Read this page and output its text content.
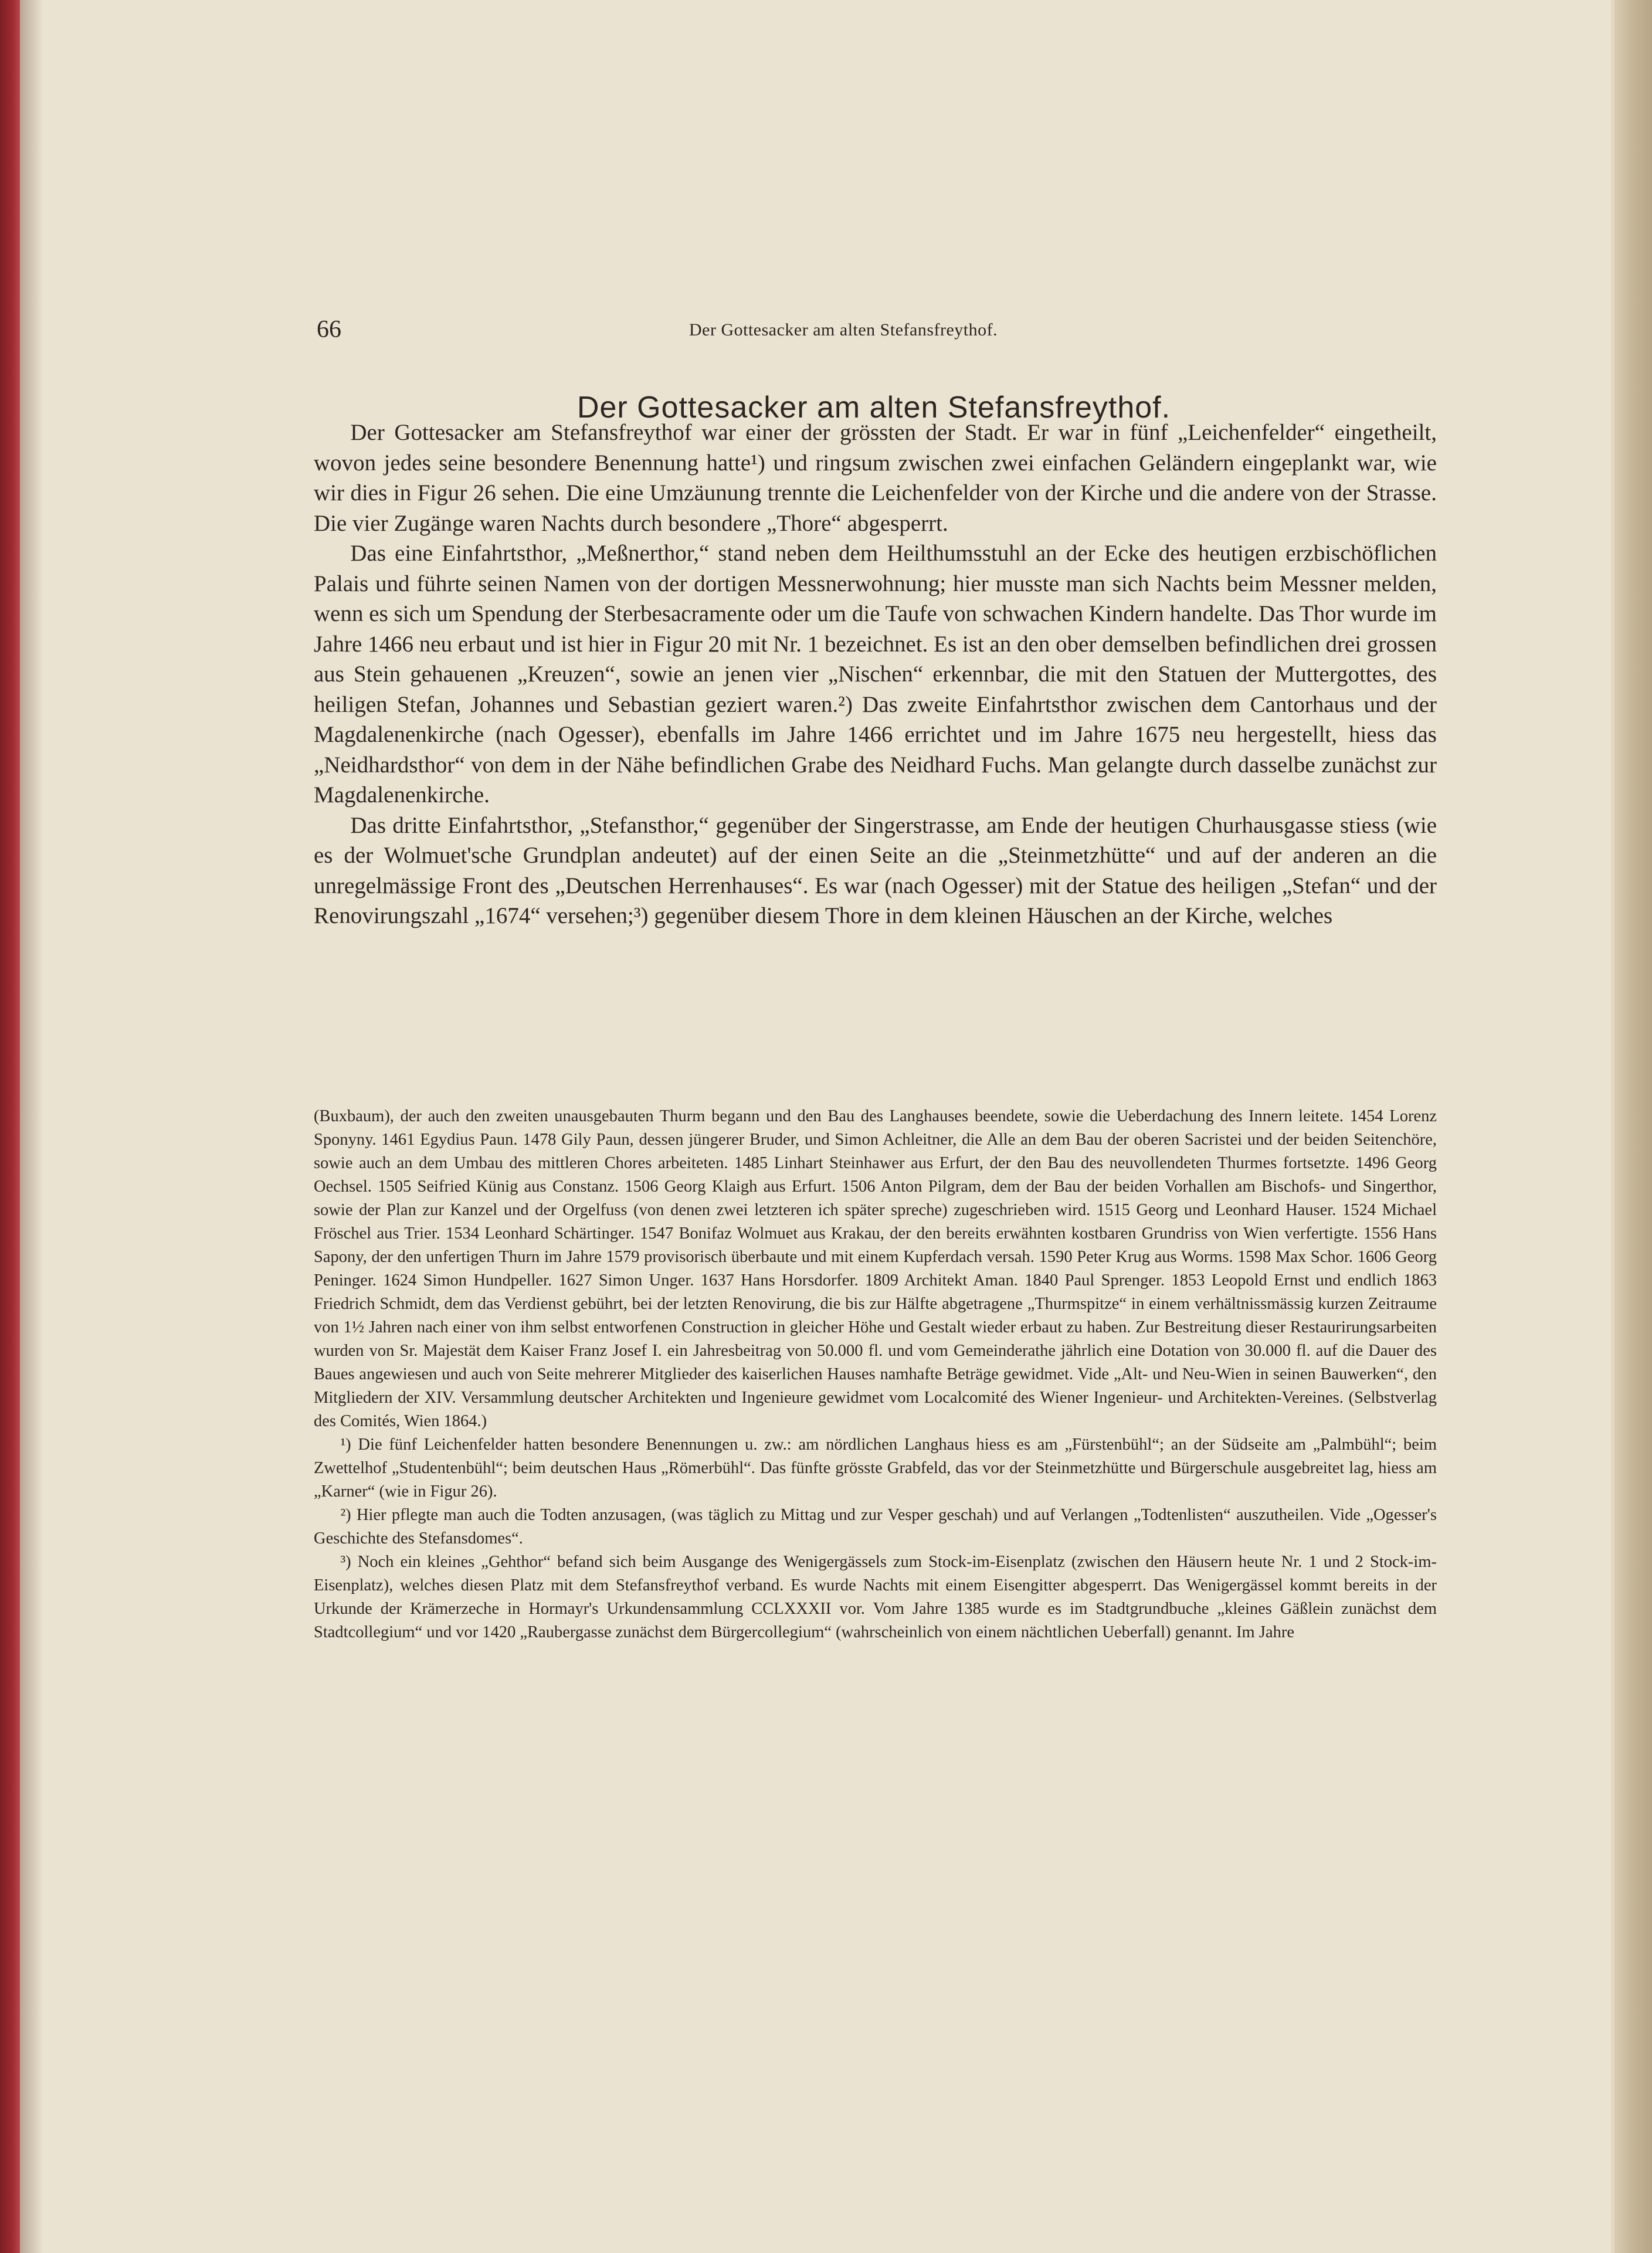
66	Der Gottesacker am alten Stefansfreythof.
Der Gottesacker am alten Stefansfreythof.

Der Gottesacker am Stefansfreythof war einer der grössten der Stadt. Er war in fünf „Leichenfelder“ eingetheilt, wovon jedes seine besondere Benennung hatte¹) und ringsum zwischen zwei einfachen Geländern eingeplankt war, wie wir dies in Figur 26 sehen. Die eine Umzäunung trennte die Leichenfelder von der Kirche und die andere von der Strasse. Die vier Zugänge waren Nachts durch besondere „Thore“ abgesperrt.

Das eine Einfahrtsthor, „Meßnerthor,“ stand neben dem Heilthumsstuhl an der Ecke des heutigen erzbischöflichen Palais und führte seinen Namen von der dortigen Messnerwohnung; hier musste man sich Nachts beim Messner melden, wenn es sich um Spendung der Sterbesacramente oder um die Taufe von schwachen Kindern handelte. Das Thor wurde im Jahre 1466 neu erbaut und ist hier in Figur 20 mit Nr. 1 bezeichnet. Es ist an den ober demselben befindlichen drei grossen aus Stein gehauenen „Kreuzen“, sowie an jenen vier „Nischen“ erkennbar, die mit den Statuen der Muttergottes, des heiligen Stefan, Johannes und Sebastian geziert waren.²) Das zweite Einfahrtsthor zwischen dem Cantorhaus und der Magdalenenkirche (nach Ogesser), ebenfalls im Jahre 1466 errichtet und im Jahre 1675 neu hergestellt, hiess das „Neidhardsthor“ von dem in der Nähe befindlichen Grabe des Neidhard Fuchs. Man gelangte durch dasselbe zunächst zur Magdalenenkirche.

Das dritte Einfahrtsthor, „Stefansthor,“ gegenüber der Singerstrasse, am Ende der heutigen Churhausgasse stiess (wie es der Wolmuet'sche Grundplan andeutet) auf der einen Seite an die „Steinmetzhütte“ und auf der anderen an die unregelmässige Front des „Deutschen Herrenhauses“. Es war (nach Ogesser) mit der Statue des heiligen „Stefan“ und der Renovirungszahl „1674“ versehen;³) gegenüber diesem Thore in dem kleinen Häuschen an der Kirche, welches

(Buxbaum), der auch den zweiten unausgebauten Thurm begann und den Bau des Langhauses beendete, sowie die Ueberdachung des Innern leitete. 1454 Lorenz Sponyny. 1461 Egydius Paun. 1478 Gily Paun, dessen jüngerer Bruder, und Simon Achleitner, die Alle an dem Bau der oberen Sacristei und der beiden Seitenchöre, sowie auch an dem Umbau des mittleren Chores arbeiteten. 1485 Linhart Steinhawer aus Erfurt, der den Bau des neuvollendeten Thurmes fortsetzte. 1496 Georg Oechsel. 1505 Seifried Künig aus Constanz. 1506 Georg Klaigh aus Erfurt. 1506 Anton Pilgram, dem der Bau der beiden Vorhallen am Bischofs- und Singerthor, sowie der Plan zur Kanzel und der Orgelfuss (von denen zwei letzteren ich später spreche) zugeschrieben wird. 1515 Georg und Leonhard Hauser. 1524 Michael Fröschel aus Trier. 1534 Leonhard Schärtinger. 1547 Bonifaz Wolmuet aus Krakau, der den bereits erwähnten kostbaren Grundriss von Wien verfertigte. 1556 Hans Sapony, der den unfertigen Thurn im Jahre 1579 provisorisch überbaute und mit einem Kupferdach versah. 1590 Peter Krug aus Worms. 1598 Max Schor. 1606 Georg Peninger. 1624 Simon Hundpeller. 1627 Simon Unger. 1637 Hans Horsdorfer. 1809 Architekt Aman. 1840 Paul Sprenger. 1853 Leopold Ernst und endlich 1863 Friedrich Schmidt, dem das Verdienst gebührt, bei der letzten Renovirung, die bis zur Hälfte abgetragene „Thurmspitze“ in einem verhältnissmässig kurzen Zeitraume von 1½ Jahren nach einer von ihm selbst entworfenen Construction in gleicher Höhe und Gestalt wieder erbaut zu haben. Zur Bestreitung dieser Restaurirungsarbeiten wurden von Sr. Majestät dem Kaiser Franz Josef I. ein Jahresbeitrag von 50.000 fl. und vom Gemeinderathe jährlich eine Dotation von 30.000 fl. auf die Dauer des Baues angewiesen und auch von Seite mehrerer Mitglieder des kaiserlichen Hauses namhafte Beträge gewidmet. Vide „Alt- und Neu-Wien in seinen Bauwerken“, den Mitgliedern der XIV. Versammlung deutscher Architekten und Ingenieure gewidmet vom Localcomité des Wiener Ingenieur- und Architekten-Vereines. (Selbstverlag des Comités, Wien 1864.)

¹) Die fünf Leichenfelder hatten besondere Benennungen u. zw.: am nördlichen Langhaus hiess es am „Fürstenbühl“; an der Südseite am „Palmbühl“; beim Zwettelhof „Studentenbühl“; beim deutschen Haus „Römerbühl“. Das fünfte grösste Grabfeld, das vor der Steinmetzhütte und Bürgerschule ausgebreitet lag, hiess am „Karner“ (wie in Figur 26).

²) Hier pflegte man auch die Todten anzusagen, (was täglich zu Mittag und zur Vesper geschah) und auf Verlangen „Todtenlisten“ auszutheilen. Vide „Ogesser's Geschichte des Stefansdomes“.

³) Noch ein kleines „Gehthor“ befand sich beim Ausgange des Wenigergässels zum Stock-im-Eisenplatz (zwischen den Häusern heute Nr. 1 und 2 Stock-im-Eisenplatz), welches diesen Platz mit dem Stefansfreythof verband. Es wurde Nachts mit einem Eisengitter abgesperrt. Das Wenigergässel kommt bereits in der Urkunde der Krämerzeche in Hormayr's Urkundensammlung CCLXXXII vor. Vom Jahre 1385 wurde es im Stadtgrundbuche „kleines Gäßlein zunächst dem Stadtcollegium“ und vor 1420 „Raubergasse zunächst dem Bürgercollegium“ (wahrscheinlich von einem nächtlichen Ueberfall) genannt. Im Jahre
